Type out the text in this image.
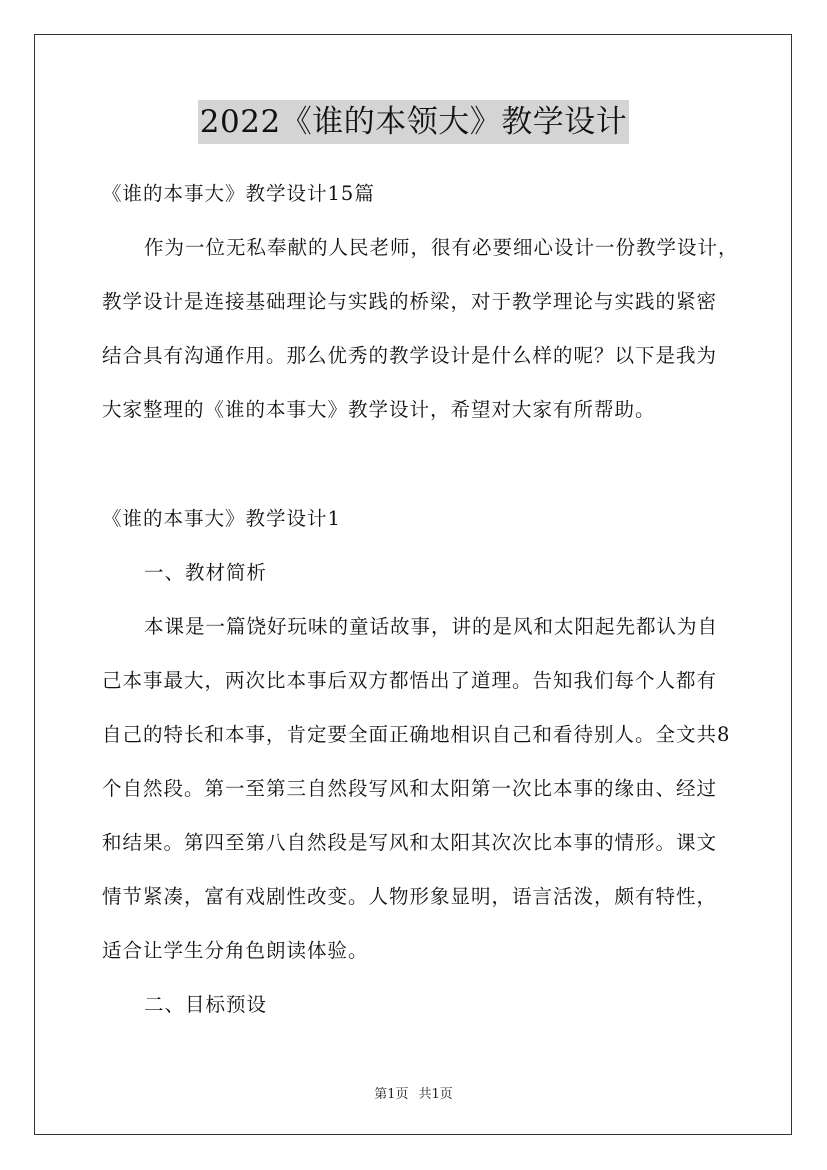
2022《谁的本领大》教学设计
《谁的本事大》教学设计15篇
作为一位无私奉献的人民老师，很有必要细心设计一份教学设计，
教学设计是连接基础理论与实践的桥梁，对于教学理论与实践的紧密
结合具有沟通作用。那么优秀的教学设计是什么样的呢？以下是我为
大家整理的《谁的本事大》教学设计，希望对大家有所帮助。
《谁的本事大》教学设计1
一、教材简析
本课是一篇饶好玩味的童话故事，讲的是风和太阳起先都认为自
己本事最大，两次比本事后双方都悟出了道理。告知我们每个人都有
自己的特长和本事，肯定要全面正确地相识自己和看待别人。全文共8
个自然段。第一至第三自然段写风和太阳第一次比本事的缘由、经过
和结果。第四至第八自然段是写风和太阳其次次比本事的情形。课文
情节紧凑，富有戏剧性改变。人物形象显明，语言活泼，颇有特性，
适合让学生分角色朗读体验。
二、目标预设
第1页 共1页
